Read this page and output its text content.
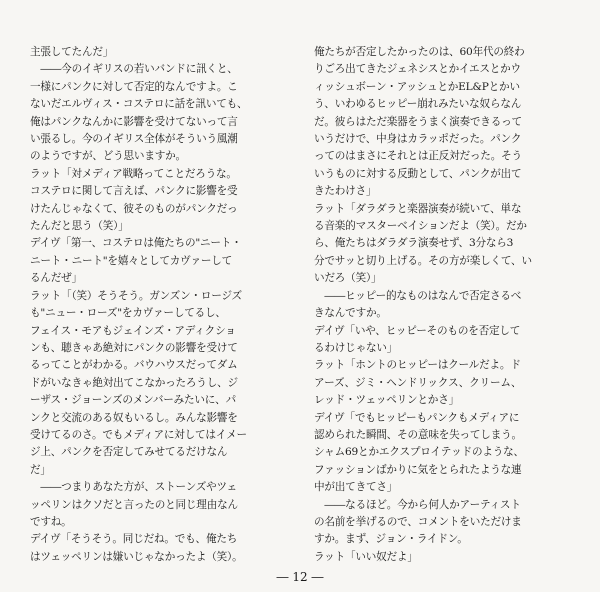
主張してたんだ」
　――今のイギリスの若いバンドに訊くと、
一様にパンクに対して否定的なんですよ。こ
ないだエルヴィス・コステロに話を訊いても、
俺はパンクなんかに影響を受けてないって言
い張るし。今のイギリス全体がそういう風潮
のようですが、どう思いますか。
ラット「対メディア戦略ってことだろうな。
コステロに関して言えば、パンクに影響を受
けたんじゃなくて、彼そのものがパンクだっ
たんだと思う（笑）」
デイヴ「第一、コステロは俺たちの"ニート・
ニート・ニート"を嬉々としてカヴァーして
るんだぜ」
ラット「（笑）そうそう。ガンズン・ロージズ
も"ニュー・ローズ"をカヴァーしてるし、
フェイス・モアもジェインズ・アディクショ
ンも、聴きゃあ絶対にパンクの影響を受けて
るってことがわかる。バウハウスだってダム
ドがいなきゃ絶対出てこなかったろうし、ジ
ーザス・ジョーンズのメンバーみたいに、パ
ンクと交流のある奴もいるし。みんな影響を
受けてるのさ。でもメディアに対してはイメー
ジ上、パンクを否定してみせてるだけなん
だ」
　――つまりあなた方が、ストーンズやツェ
ッペリンはクソだと言ったのと同じ理由なん
ですね。
デイヴ「そうそう。同じだね。でも、俺たち
はツェッペリンは嫌いじゃなかったよ（笑）。
俺たちが否定したかったのは、60年代の終わ
りごろ出てきたジェネシスとかイエスとかウ
ィッシュボーン・アッシュとかEL&Pとかい
う、いわゆるヒッピー崩れみたいな奴らなん
だ。彼らはただ楽器をうまく演奏できるって
いうだけで、中身はカラッポだった。パンク
ってのはまさにそれとは正反対だった。そう
いうものに対する反動として、パンクが出て
きたわけさ」
ラット「ダラダラと楽器演奏が続いて、単な
る音楽的マスターベイションだよ（笑）。だか
ら、俺たちはダラダラ演奏せず、3分なら3
分でサッと切り上げる。その方が楽しくて、い
いだろ（笑）」
　――ヒッピー的なものはなんで否定さるべ
きなんですか。
デイヴ「いや、ヒッピーそのものを否定して
るわけじゃない」
ラット「ホントのヒッピーはクールだよ。ド
アーズ、ジミ・ヘンドリックス、クリーム、
レッド・ツェッペリンとかさ」
デイヴ「でもヒッピーもパンクもメディアに
認められた瞬間、その意味を失ってしまう。
シャム69とかエクスプロイテッドのような、
ファッションばかりに気をとられたような連
中が出てきてさ」
　――なるほど。今から何人かアーティスト
の名前を挙げるので、コメントをいただけま
すか。まず、ジョン・ライドン。
ラット「いい奴だよ」
― 12 ―
